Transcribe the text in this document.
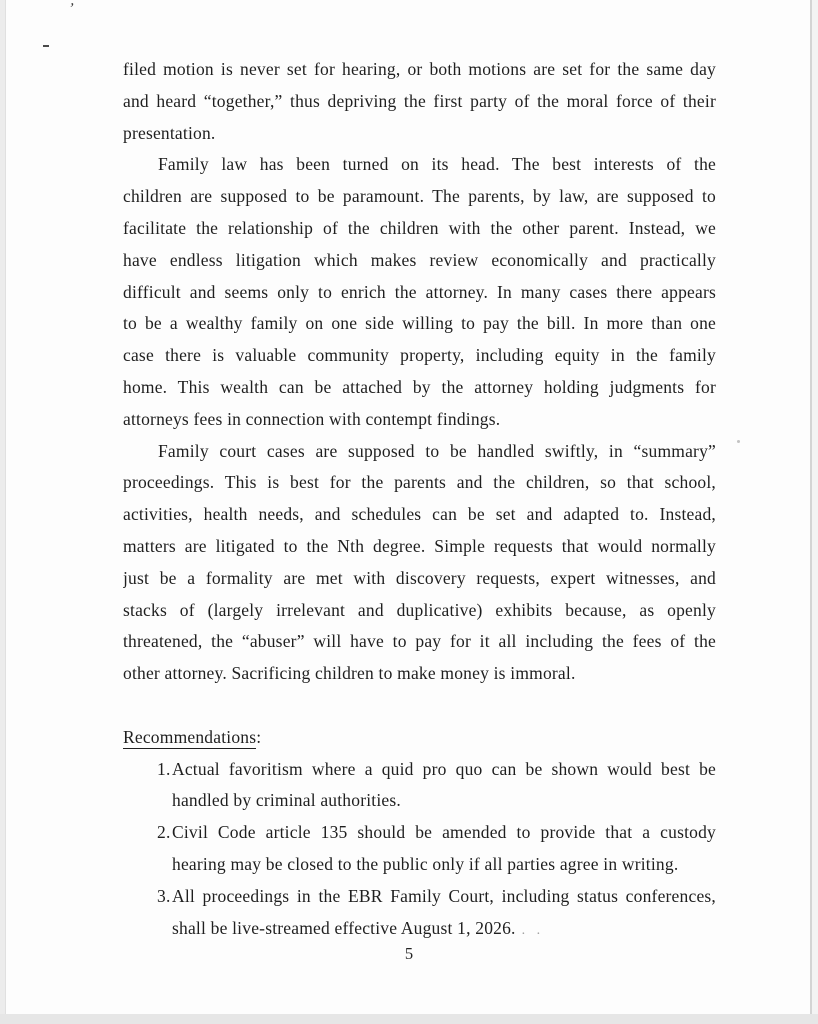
’
filed motion is never set for hearing, or both motions are set for the same day
and heard “together,” thus depriving the first party of the moral force of their
presentation.
Family law has been turned on its head. The best interests of the
children are supposed to be paramount. The parents, by law, are supposed to
facilitate the relationship of the children with the other parent. Instead, we
have endless litigation which makes review economically and practically
difficult and seems only to enrich the attorney. In many cases there appears
to be a wealthy family on one side willing to pay the bill. In more than one
case there is valuable community property, including equity in the family
home. This wealth can be attached by the attorney holding judgments for
attorneys fees in connection with contempt findings.
Family court cases are supposed to be handled swiftly, in “summary”
proceedings. This is best for the parents and the children, so that school,
activities, health needs, and schedules can be set and adapted to. Instead,
matters are litigated to the Nth degree. Simple requests that would normally
just be a formality are met with discovery requests, expert witnesses, and
stacks of (largely irrelevant and duplicative) exhibits because, as openly
threatened, the “abuser” will have to pay for it all including the fees of the
other attorney. Sacrificing children to make money is immoral.
Recommendations:
1. Actual favoritism where a quid pro quo can be shown would best be
handled by criminal authorities.
2. Civil Code article 135 should be amended to provide that a custody
hearing may be closed to the public only if all parties agree in writing.
3. All proceedings in the EBR Family Court, including status conferences,
shall be live-streamed effective August 1, 2026. . .
5
